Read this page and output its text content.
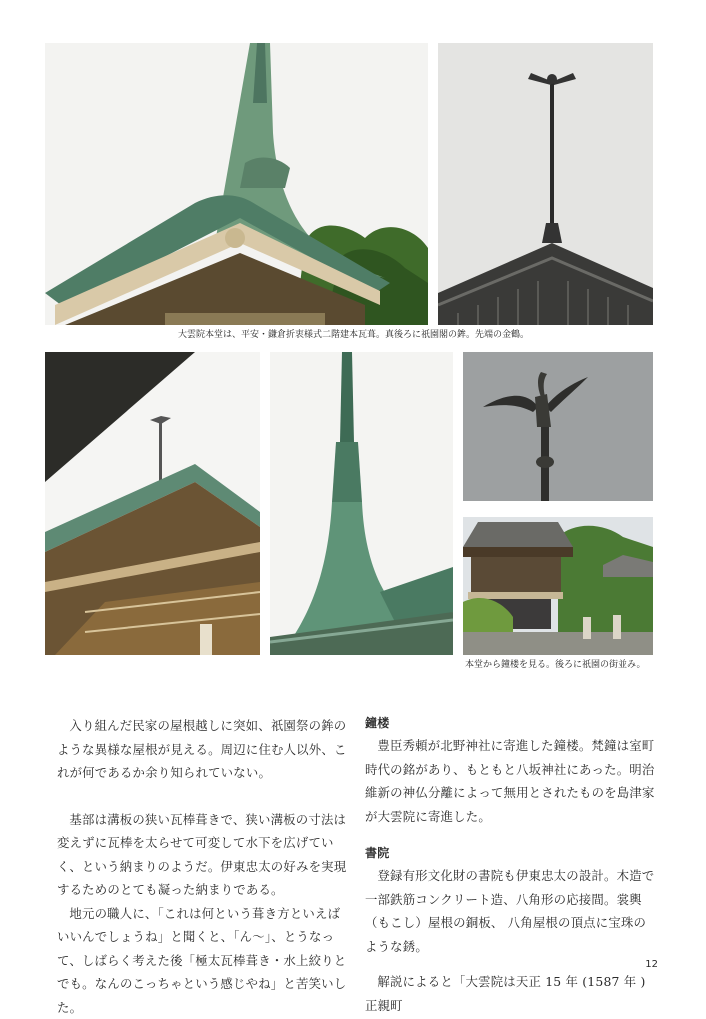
大雲院本堂は、平安・鎌倉折衷様式二階建本瓦葺。真後ろに祇園閣の鉾。先端の金鶴。
本堂から鐘楼を見る。後ろに祇園の街並み。

入り組んだ民家の屋根越しに突如、祇園祭の鉾のような異様な屋根が見える。周辺に住む人以外、これが何であるか余り知られていない。

基部は溝板の狭い瓦棒葺きで、狭い溝板の寸法は変えずに瓦棒を太らせて可変して水下を広げていく、という納まりのようだ。伊東忠太の好みを実現するためのとても凝った納まりである。

地元の職人に、「これは何という葺き方といえばいいんでしょうね」と聞くと、「ん〜」、とうなって、しばらく考えた後「極太瓦棒葺き・水上絞りとでも。なんのこっちゃという感じやね」と苦笑いした。

鐘楼

豊臣秀頼が北野神社に寄進した鐘楼。梵鐘は室町時代の銘があり、もともと八坂神社にあった。明治維新の神仏分離によって無用とされたものを島津家が大雲院に寄進した。

書院

登録有形文化財の書院も伊東忠太の設計。木造で一部鉄筋コンクリート造、八角形の応接間。裳輿（もこし）屋根の銅板、 八角屋根の頂点に宝珠のような銹。

解説によると「大雲院は天正 15 年 (1587 年 ) 正親町

12
